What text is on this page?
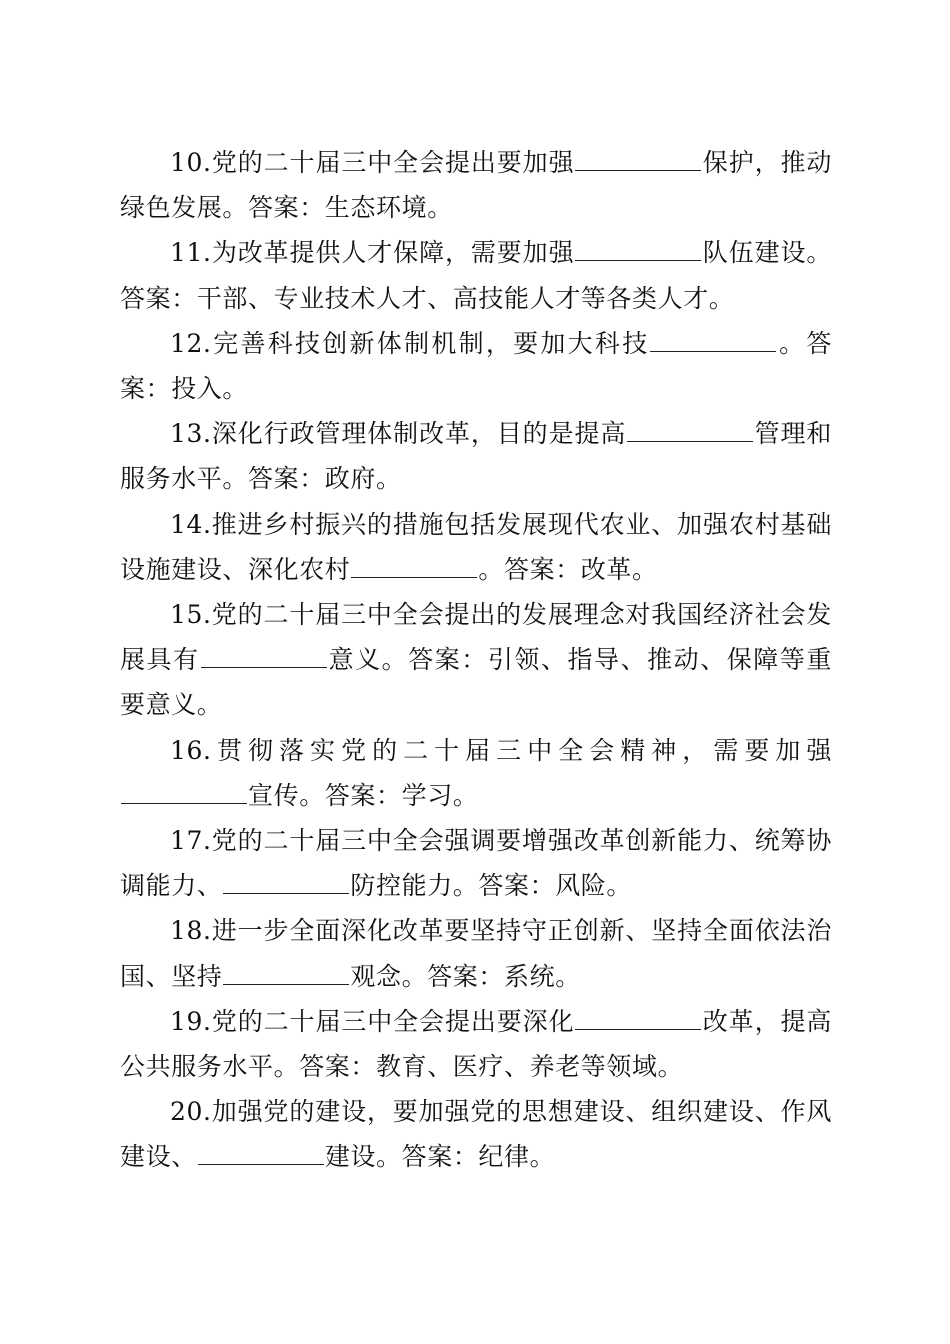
10.党的二十届三中全会提出要加强	保护，推动绿色发展。答案：生态环境。

11.为改革提供人才保障，需要加强	队伍建设。答案：干部、专业技术人才、高技能人才等各类人才。

12.完善科技创新体制机制，要加大科技	。答案：投入。

13.深化行政管理体制改革，目的是提高	管理和服务水平。答案：政府。

14.推进乡村振兴的措施包括发展现代农业、加强农村基础设施建设、深化农村	。答案：改革。

15.党的二十届三中全会提出的发展理念对我国经济社会发展具有	意义。答案：引领、指导、推动、保障等重要意义。

16.贯彻落实党的二十届三中全会精神，需要加强宣传。答案：学习。

17.党的二十届三中全会强调要增强改革创新能力、统筹协调能力、	防控能力。答案：风险。

18.进一步全面深化改革要坚持守正创新、坚持全面依法治国、坚持	观念。答案：系统。

19.党的二十届三中全会提出要深化	改革，提高公共服务水平。答案：教育、医疗、养老等领域。

20.加强党的建设，要加强党的思想建设、组织建设、作风建设、	建设。答案：纪律。
